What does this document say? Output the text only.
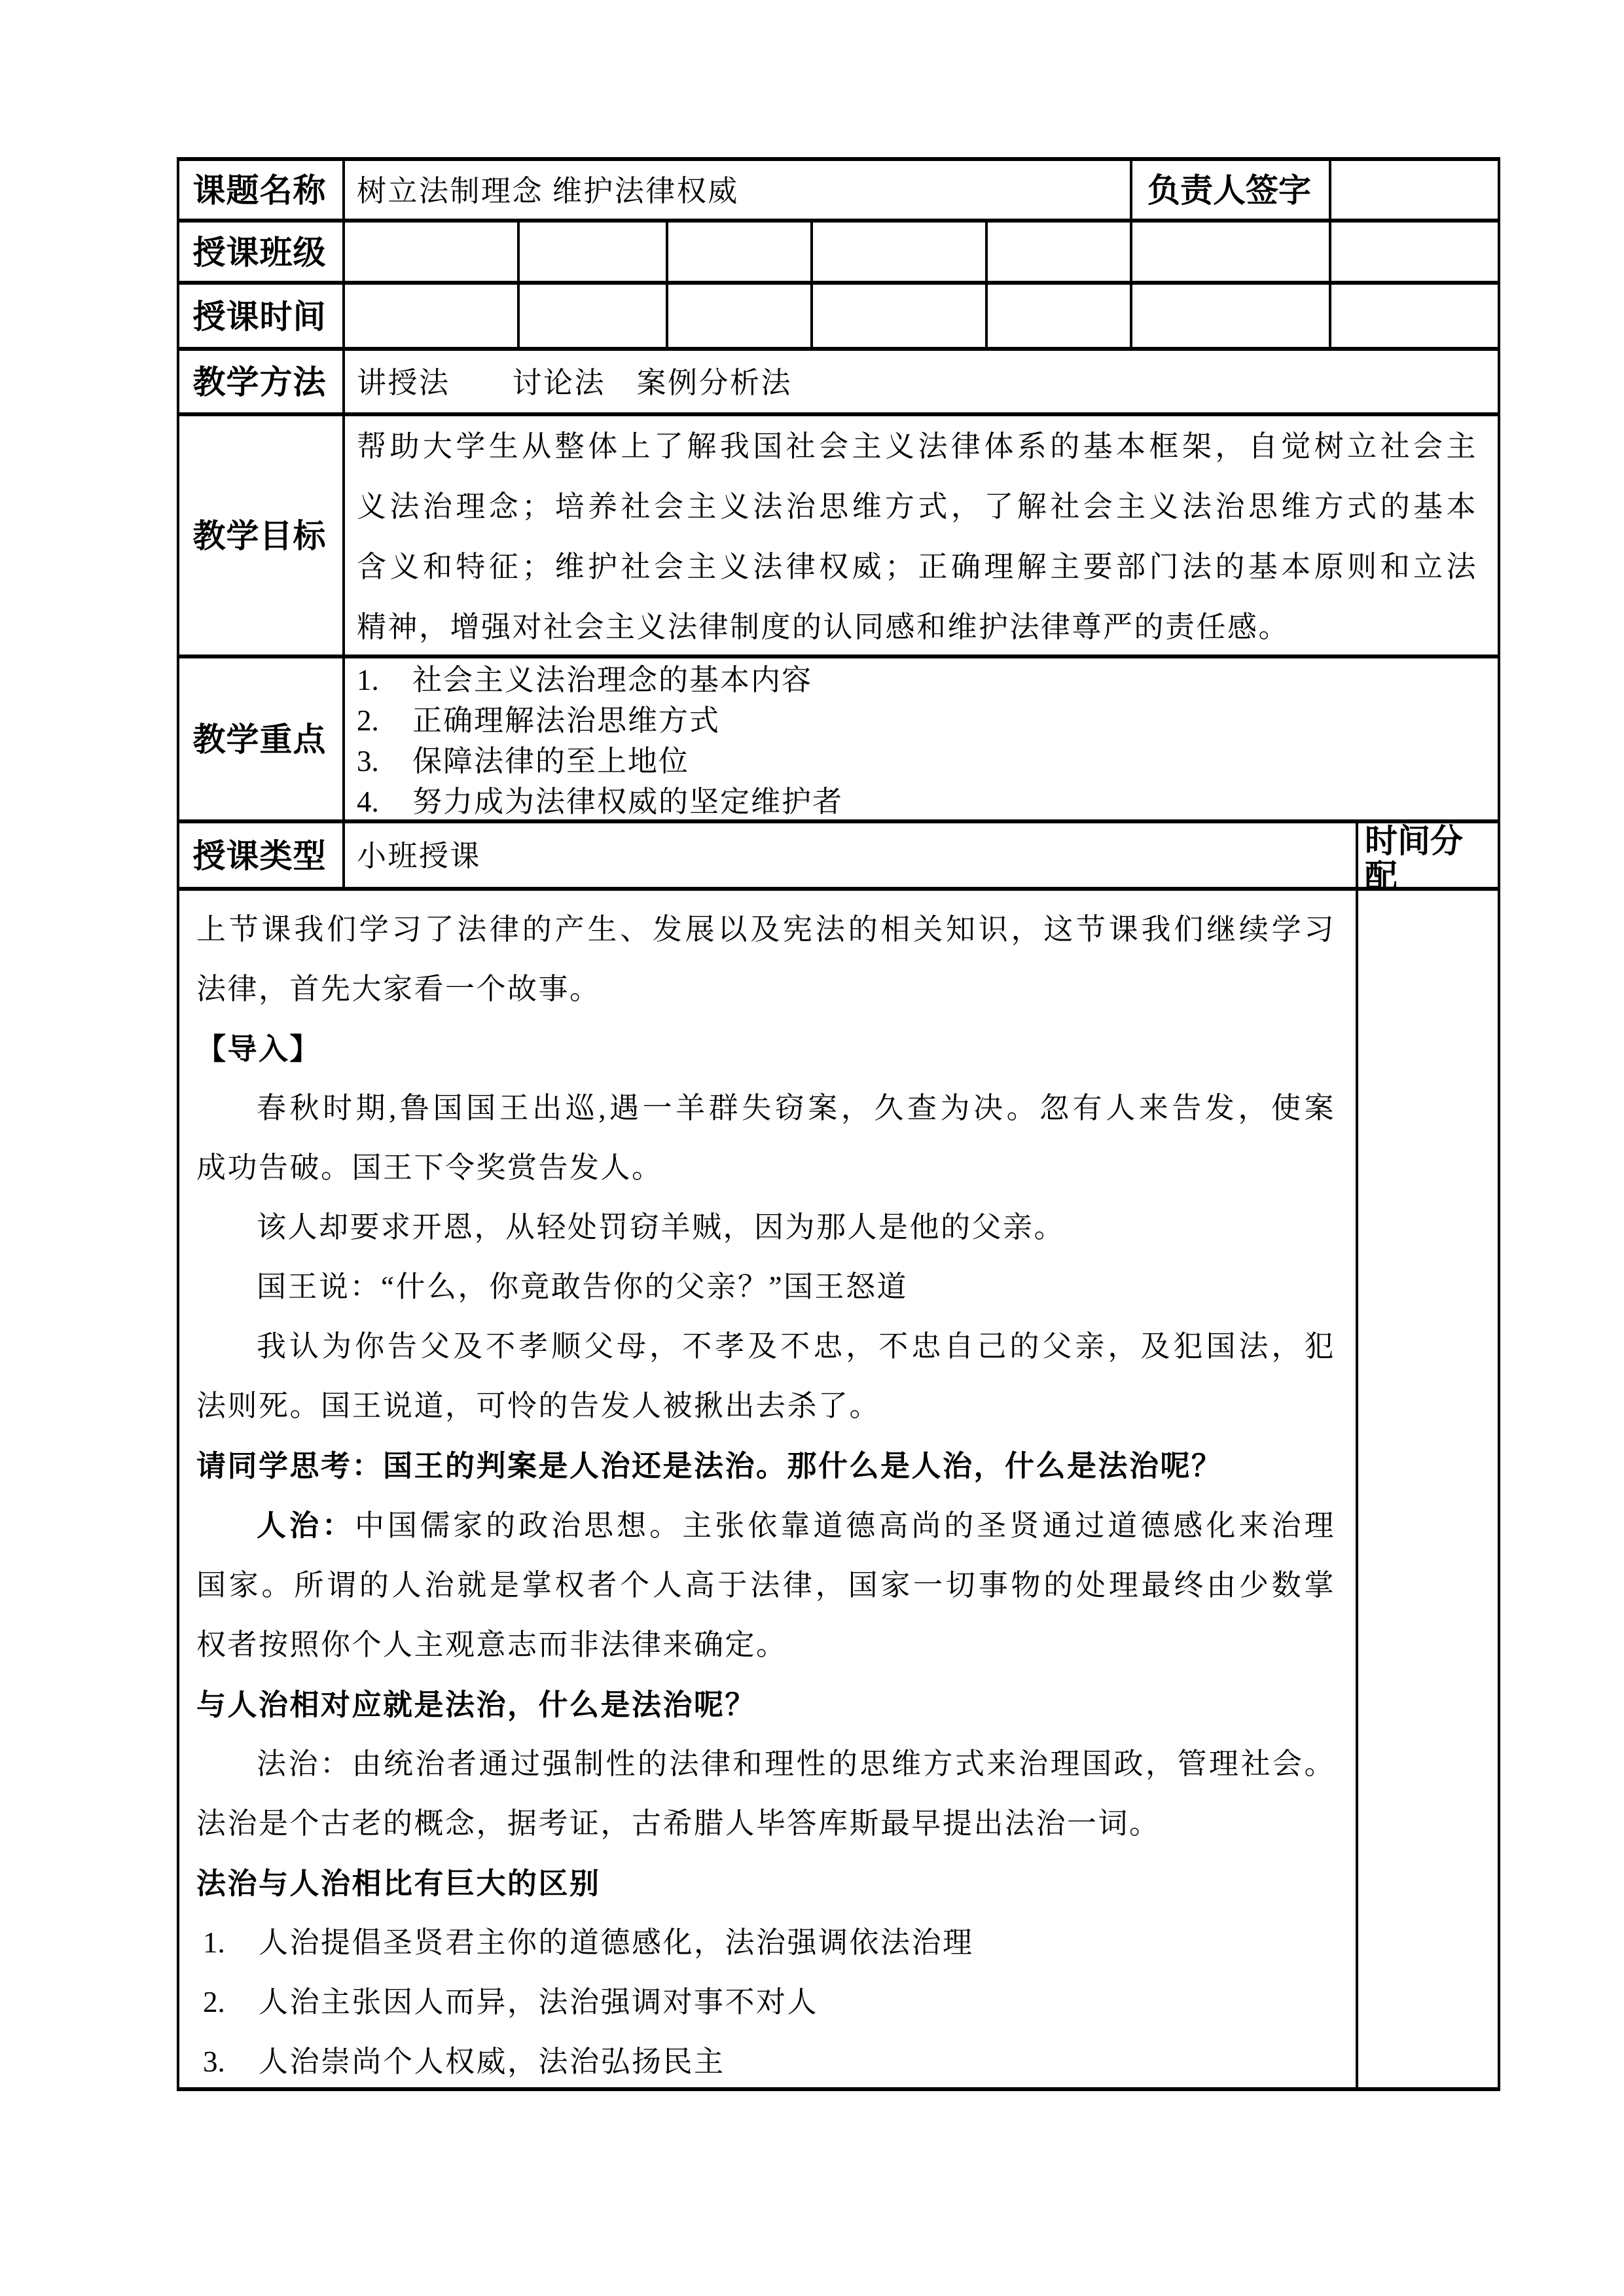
课题名称
授课班级
授课时间
教学方法
教学目标
教学重点
授课类型
树立法制理念 维护法律权威	负责人签字
讲授法　　讨论法　案例分析法
帮助大学生从整体上了解我国社会主义法律体系的基本框架，自觉树立社会主
义法治理念；培养社会主义法治思维方式，了解社会主义法治思维方式的基本
含义和特征；维护社会主义法律权威；正确理解主要部门法的基本原则和立法
精神，增强对社会主义法律制度的认同感和维护法律尊严的责任感。
1. 社会主义法治理念的基本内容
2. 正确理解法治思维方式
3. 保障法律的至上地位
4. 努力成为法律权威的坚定维护者
小班授课	时间分配
上节课我们学习了法律的产生、发展以及宪法的相关知识，这节课我们继续学习
法律，首先大家看一个故事。
【导入】
春秋时期,鲁国国王出巡,遇一羊群失窃案，久查为决。忽有人来告发，使案
成功告破。国王下令奖赏告发人。
该人却要求开恩，从轻处罚窃羊贼，因为那人是他的父亲。
国王说：“什么，你竟敢告你的父亲？”国王怒道
我认为你告父及不孝顺父母，不孝及不忠，不忠自己的父亲，及犯国法，犯
法则死。国王说道，可怜的告发人被揪出去杀了。
请同学思考：国王的判案是人治还是法治。那什么是人治，什么是法治呢？
人治：中国儒家的政治思想。主张依靠道德高尚的圣贤通过道德感化来治理
国家。所谓的人治就是掌权者个人高于法律，国家一切事物的处理最终由少数掌
权者按照你个人主观意志而非法律来确定。
与人治相对应就是法治，什么是法治呢？
法治：由统治者通过强制性的法律和理性的思维方式来治理国政，管理社会。
法治是个古老的概念，据考证，古希腊人毕答库斯最早提出法治一词。
法治与人治相比有巨大的区别
1. 人治提倡圣贤君主你的道德感化，法治强调依法治理
2. 人治主张因人而异，法治强调对事不对人
3. 人治崇尚个人权威，法治弘扬民主
